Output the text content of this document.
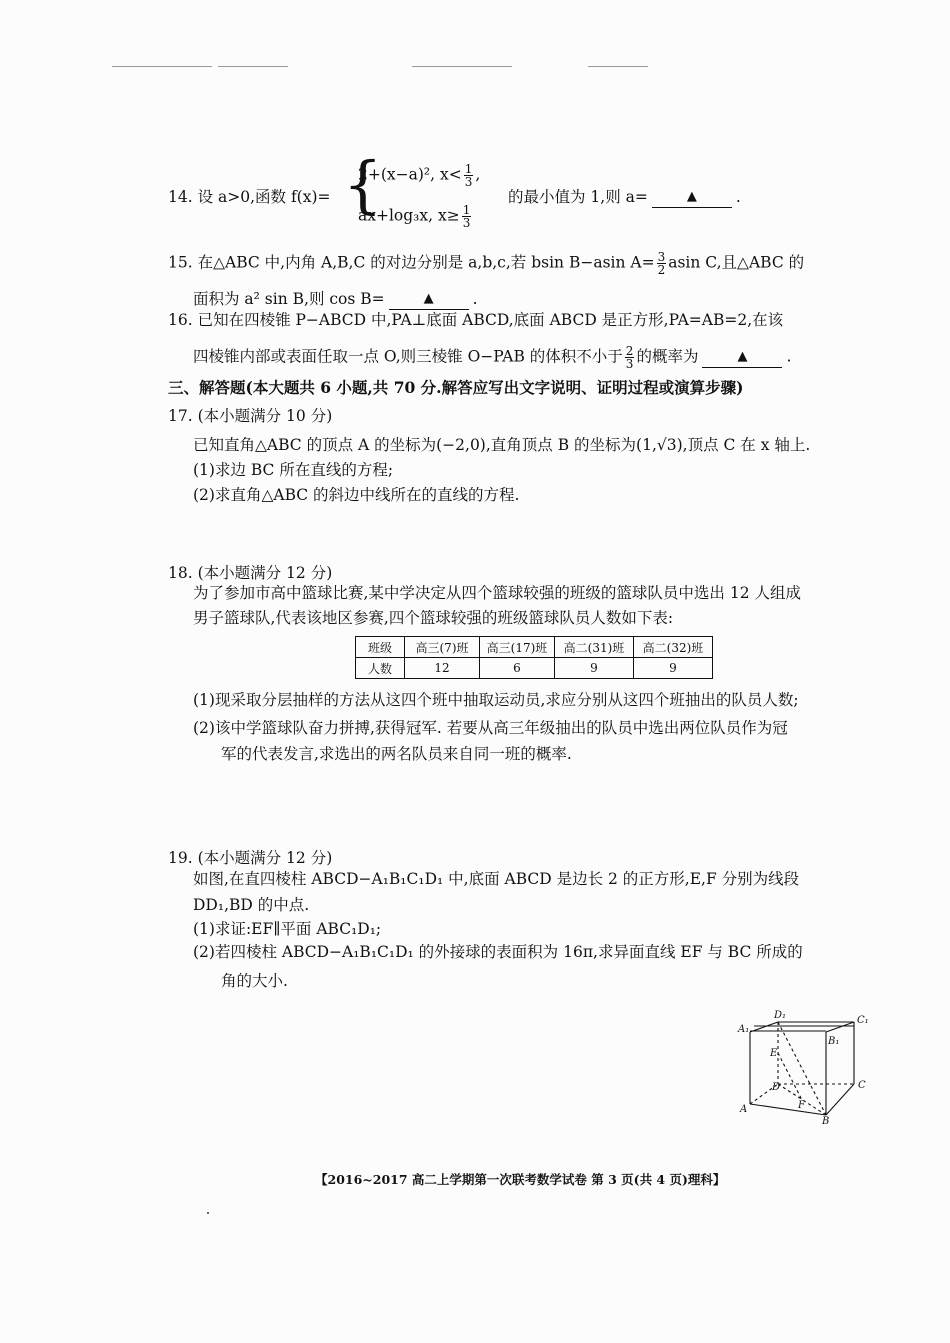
14. 设 a>0,函数 f(x)= {
2+(x−a)², $x< \frac{1}{3}$ ,
ax+log₃x, $x\ge \frac{1}{3}$
的最小值为 1,则 a=	▲	.
15. 在△ABC 中,内角 A,B,C 的对边分别是 a,b,c,若 bsin B−asin $A= \frac{3}{2}$ asin C,且△ABC 的
面积为 a² sin B,则 cos B=	▲	.
16. 已知在四棱锥 P−ABCD 中,PA⊥底面 ABCD,底面 ABCD 是正方形,PA=AB=2,在该
四棱锥内部或表面任取一点 O,则三棱锥 O−PAB 的体积不小于 $\frac{2}{3}$ 的概率为	▲	.
三、解答题(本大题共 6 小题,共 70 分.解答应写出文字说明、证明过程或演算步骤)
17. (本小题满分 10 分)
已知直角△ABC 的顶点 A 的坐标为(−2,0),直角顶点 B 的坐标为(1,√3),顶点 C 在 x 轴上.
(1)求边 BC 所在直线的方程;
(2)求直角△ABC 的斜边中线所在的直线的方程.
18. (本小题满分 12 分)
为了参加市高中篮球比赛,某中学决定从四个篮球较强的班级的篮球队员中选出 12 人组成
男子篮球队,代表该地区参赛,四个篮球较强的班级篮球队员人数如下表:
班级	高三(7)班	高三(17)班	高二(31)班	高二(32)班
人数	12	6	9	9
(1)现采取分层抽样的方法从这四个班中抽取运动员,求应分别从这四个班抽出的队员人数;
(2)该中学篮球队奋力拼搏,获得冠军. 若要从高三年级抽出的队员中选出两位队员作为冠
军的代表发言,求选出的两名队员来自同一班的概率.
19. (本小题满分 12 分)
如图,在直四棱柱 ABCD−A₁B₁C₁D₁ 中,底面 ABCD 是边长 2 的正方形,E,F 分别为线段
DD₁,BD 的中点.
(1)求证:EF∥平面 ABC₁D₁;
(2)若四棱柱 ABCD−A₁B₁C₁D₁ 的外接球的表面积为 16π,求异面直线 EF 与 BC 所成的
角的大小.
D₁	C₁
A₁
B₁
E
D	C
A	F
B
【2016~2017 高二上学期第一次联考数学试卷 第 3 页(共 4 页)理科】
